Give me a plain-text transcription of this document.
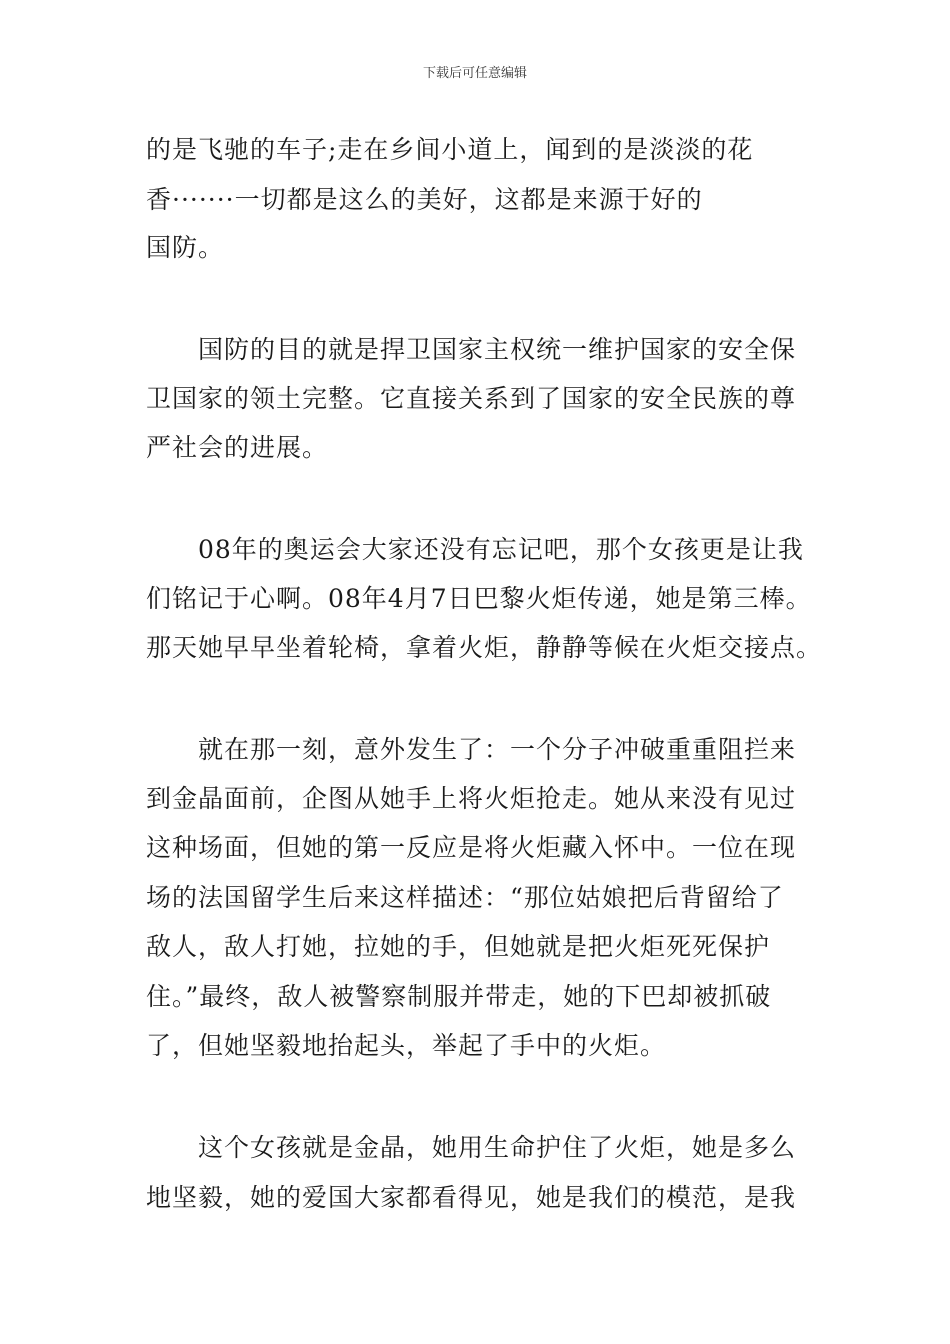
下载后可任意编辑
的是飞驰的车子;走在乡间小道上，闻到的是淡淡的花
香·······一切都是这么的美好，这都是来源于好的
国防。
国防的目的就是捍卫国家主权统一维护国家的安全保
卫国家的领土完整。它直接关系到了国家的安全民族的尊
严社会的进展。
08年的奥运会大家还没有忘记吧，那个女孩更是让我
们铭记于心啊。08年4月7日巴黎火炬传递，她是第三棒。
那天她早早坐着轮椅，拿着火炬，静静等候在火炬交接点。
就在那一刻，意外发生了：一个分子冲破重重阻拦来
到金晶面前，企图从她手上将火炬抢走。她从来没有见过
这种场面，但她的第一反应是将火炬藏入怀中。一位在现
场的法国留学生后来这样描述：“那位姑娘把后背留给了
敌人，敌人打她，拉她的手，但她就是把火炬死死保护
住。”最终，敌人被警察制服并带走，她的下巴却被抓破
了，但她坚毅地抬起头，举起了手中的火炬。
这个女孩就是金晶，她用生命护住了火炬，她是多么
地坚毅，她的爱国大家都看得见，她是我们的模范，是我
